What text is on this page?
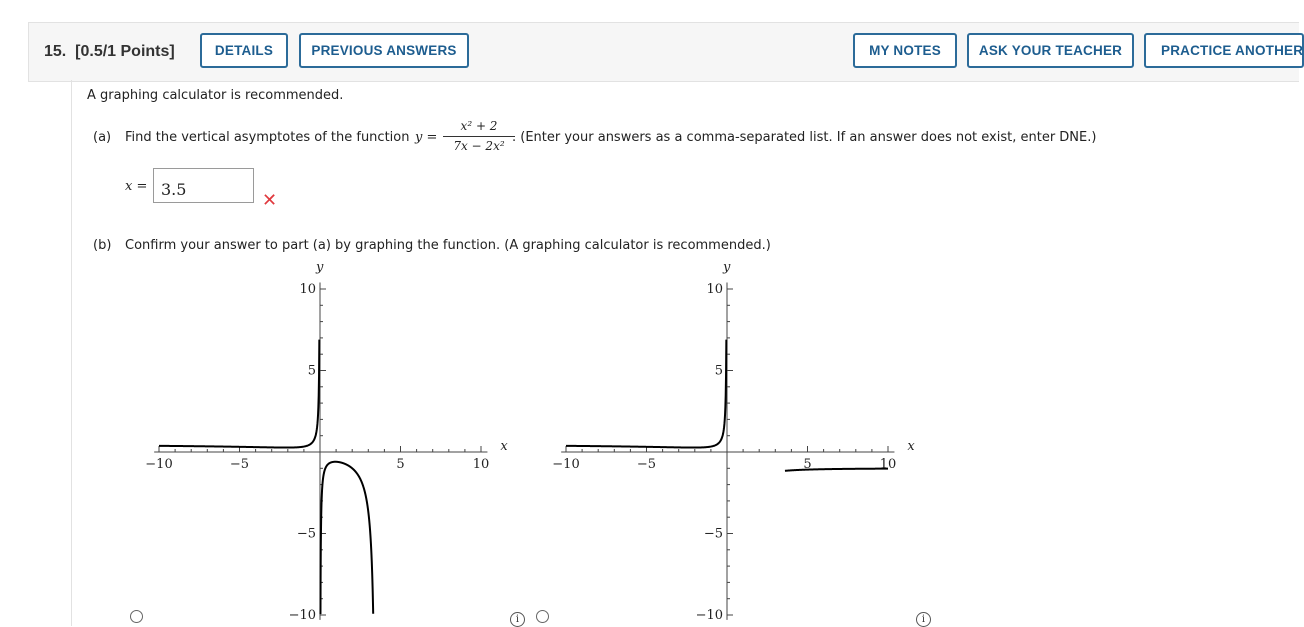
15. [0.5/1 Points]	DETAILS	PREVIOUS ANSWERS	MY NOTES	ASK YOUR TEACHER	PRACTICE ANOTHER
A graphing calculator is recommended.
(a) Find the vertical asymptotes of the function y =
x² + 2
7x − 2x²
. (Enter your answers as a comma-separated list. If an answer does not exist, enter DNE.)
x =
3.5
✕
(b) Confirm your answer to part (a) by graphing the function. (A graphing calculator is recommended.)
−10	−5	5	10
10
5
−5
−10
x
y
−10	−5	5	10
10
5
−5
−10
x
y
i	i
